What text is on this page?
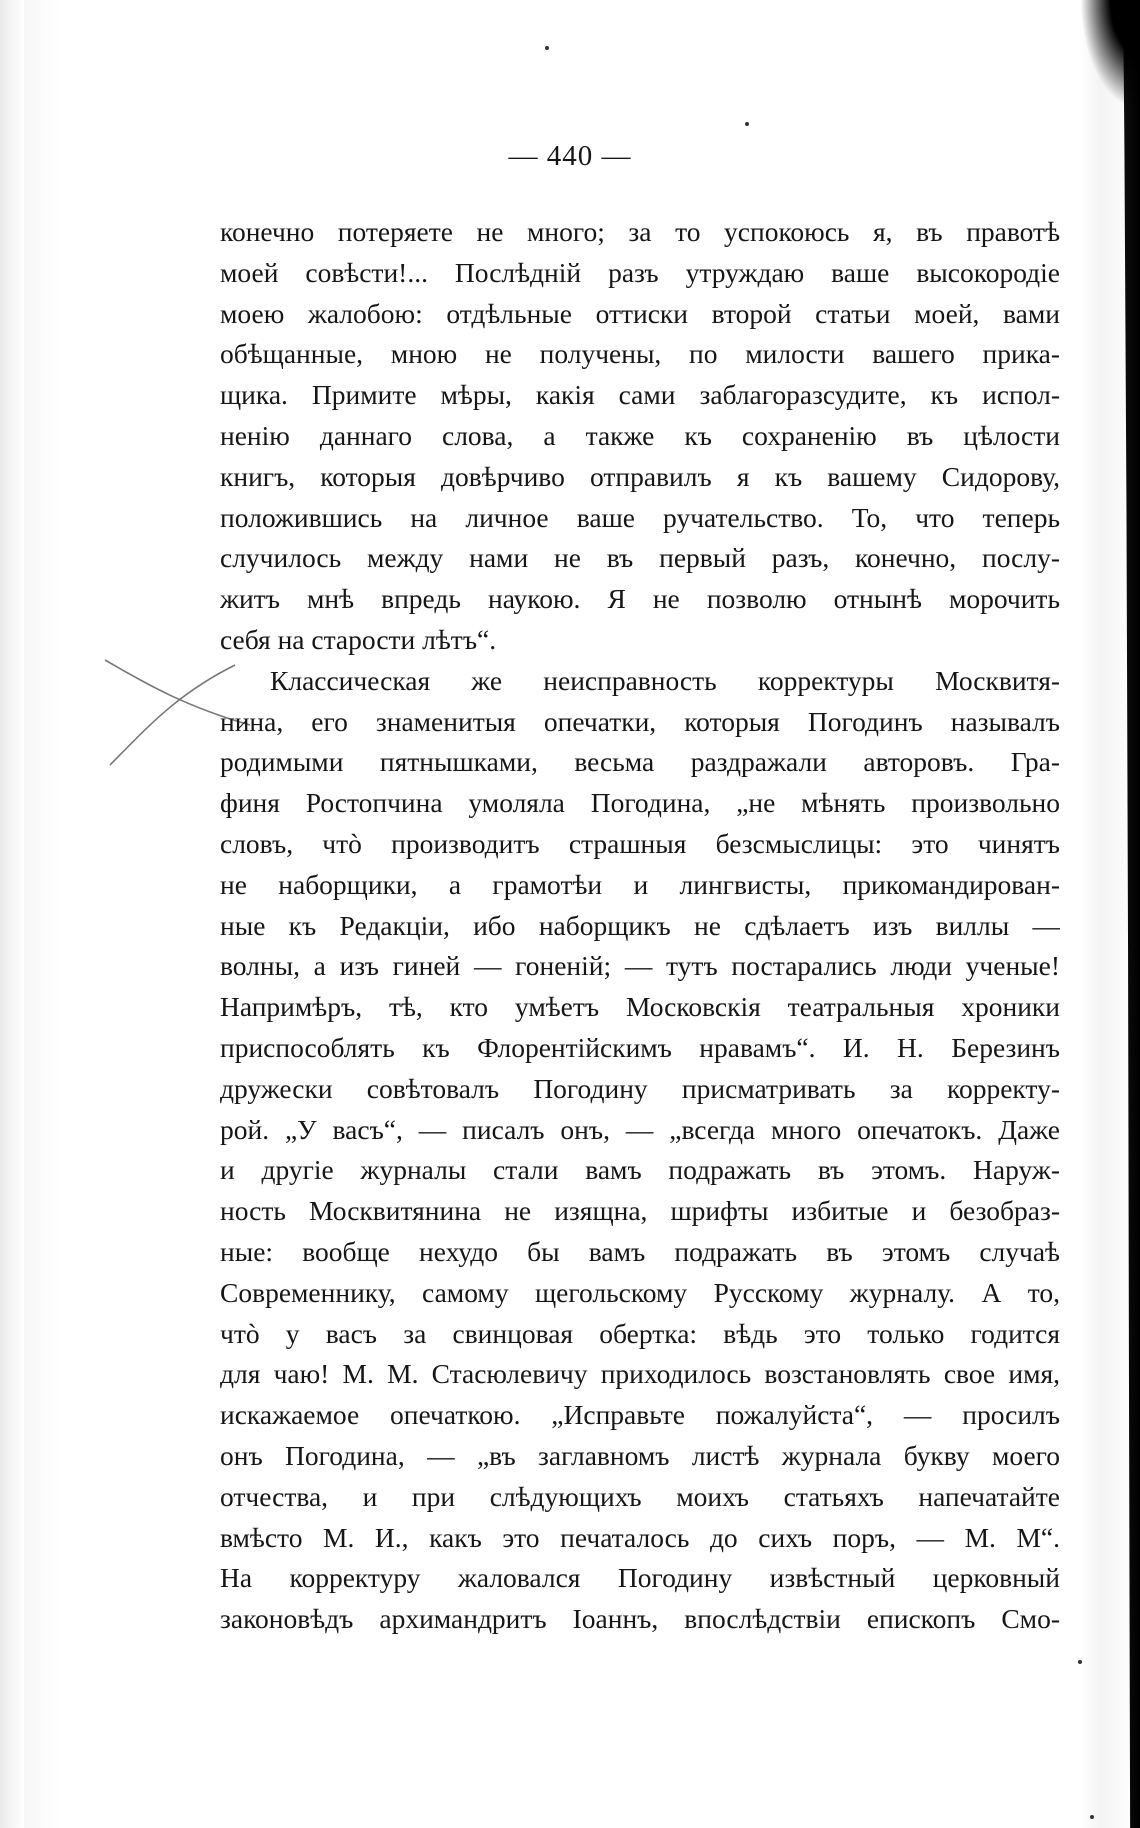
— 440 —
конечно потеряете не много; за то успокоюсь я, въ правотѣ
моей совѣсти!... Послѣдній разъ утруждаю ваше высокородіе
моею жалобою: отдѣльные оттиски второй статьи моей, вами
обѣщанные, мною не получены, по милости вашего прика-
щика. Примите мѣры, какія сами заблагоразсудите, къ испол-
ненію даннаго слова, а также къ сохраненію въ цѣлости
книгъ, которыя довѣрчиво отправилъ я къ вашему Сидорову,
положившись на личное ваше ручательство. То, что теперь
случилось между нами не въ первый разъ, конечно, послу-
житъ мнѣ впредь наукою. Я не позволю отнынѣ морочить
себя на старости лѣтъ“.
Классическая же неисправность корректуры Москвитя-
нина, его знаменитыя опечатки, которыя Погодинъ называлъ
родимыми пятнышками, весьма раздражали авторовъ. Гра-
финя Ростопчина умоляла Погодина, „не мѣнять произвольно
словъ, чтò производитъ страшныя безсмыслицы: это чинятъ
не наборщики, а грамотѣи и лингвисты, прикомандирован-
ные къ Редакціи, ибо наборщикъ не сдѣлаетъ изъ виллы —
волны, а изъ гиней — гоненій; — тутъ постарались люди ученые!
Напримѣръ, тѣ, кто умѣетъ Московскія театральныя хроники
приспособлять къ Флорентійскимъ нравамъ“. И. Н. Березинъ
дружески совѣтовалъ Погодину присматривать за корректу-
рой. „У васъ“, — писалъ онъ, — „всегда много опечатокъ. Даже
и другіе журналы стали вамъ подражать въ этомъ. Наруж-
ность Москвитянина не изящна, шрифты избитые и безобраз-
ные: вообще нехудо бы вамъ подражать въ этомъ случаѣ
Современнику, самому щегольскому Русскому журналу. А то,
чтò у васъ за свинцовая обертка: вѣдь это только годится
для чаю! М. М. Стасюлевичу приходилось возстановлять свое имя,
искажаемое опечаткою. „Исправьте пожалуйста“, — просилъ
онъ Погодина, — „въ заглавномъ листѣ журнала букву моего
отчества, и при слѣдующихъ моихъ статьяхъ напечатайте
вмѣсто М. И., какъ это печаталось до сихъ поръ, — М. М“.
На корректуру жаловался Погодину извѣстный церковный
законовѣдъ архимандритъ Іоаннъ, впослѣдствіи епископъ Смо-
